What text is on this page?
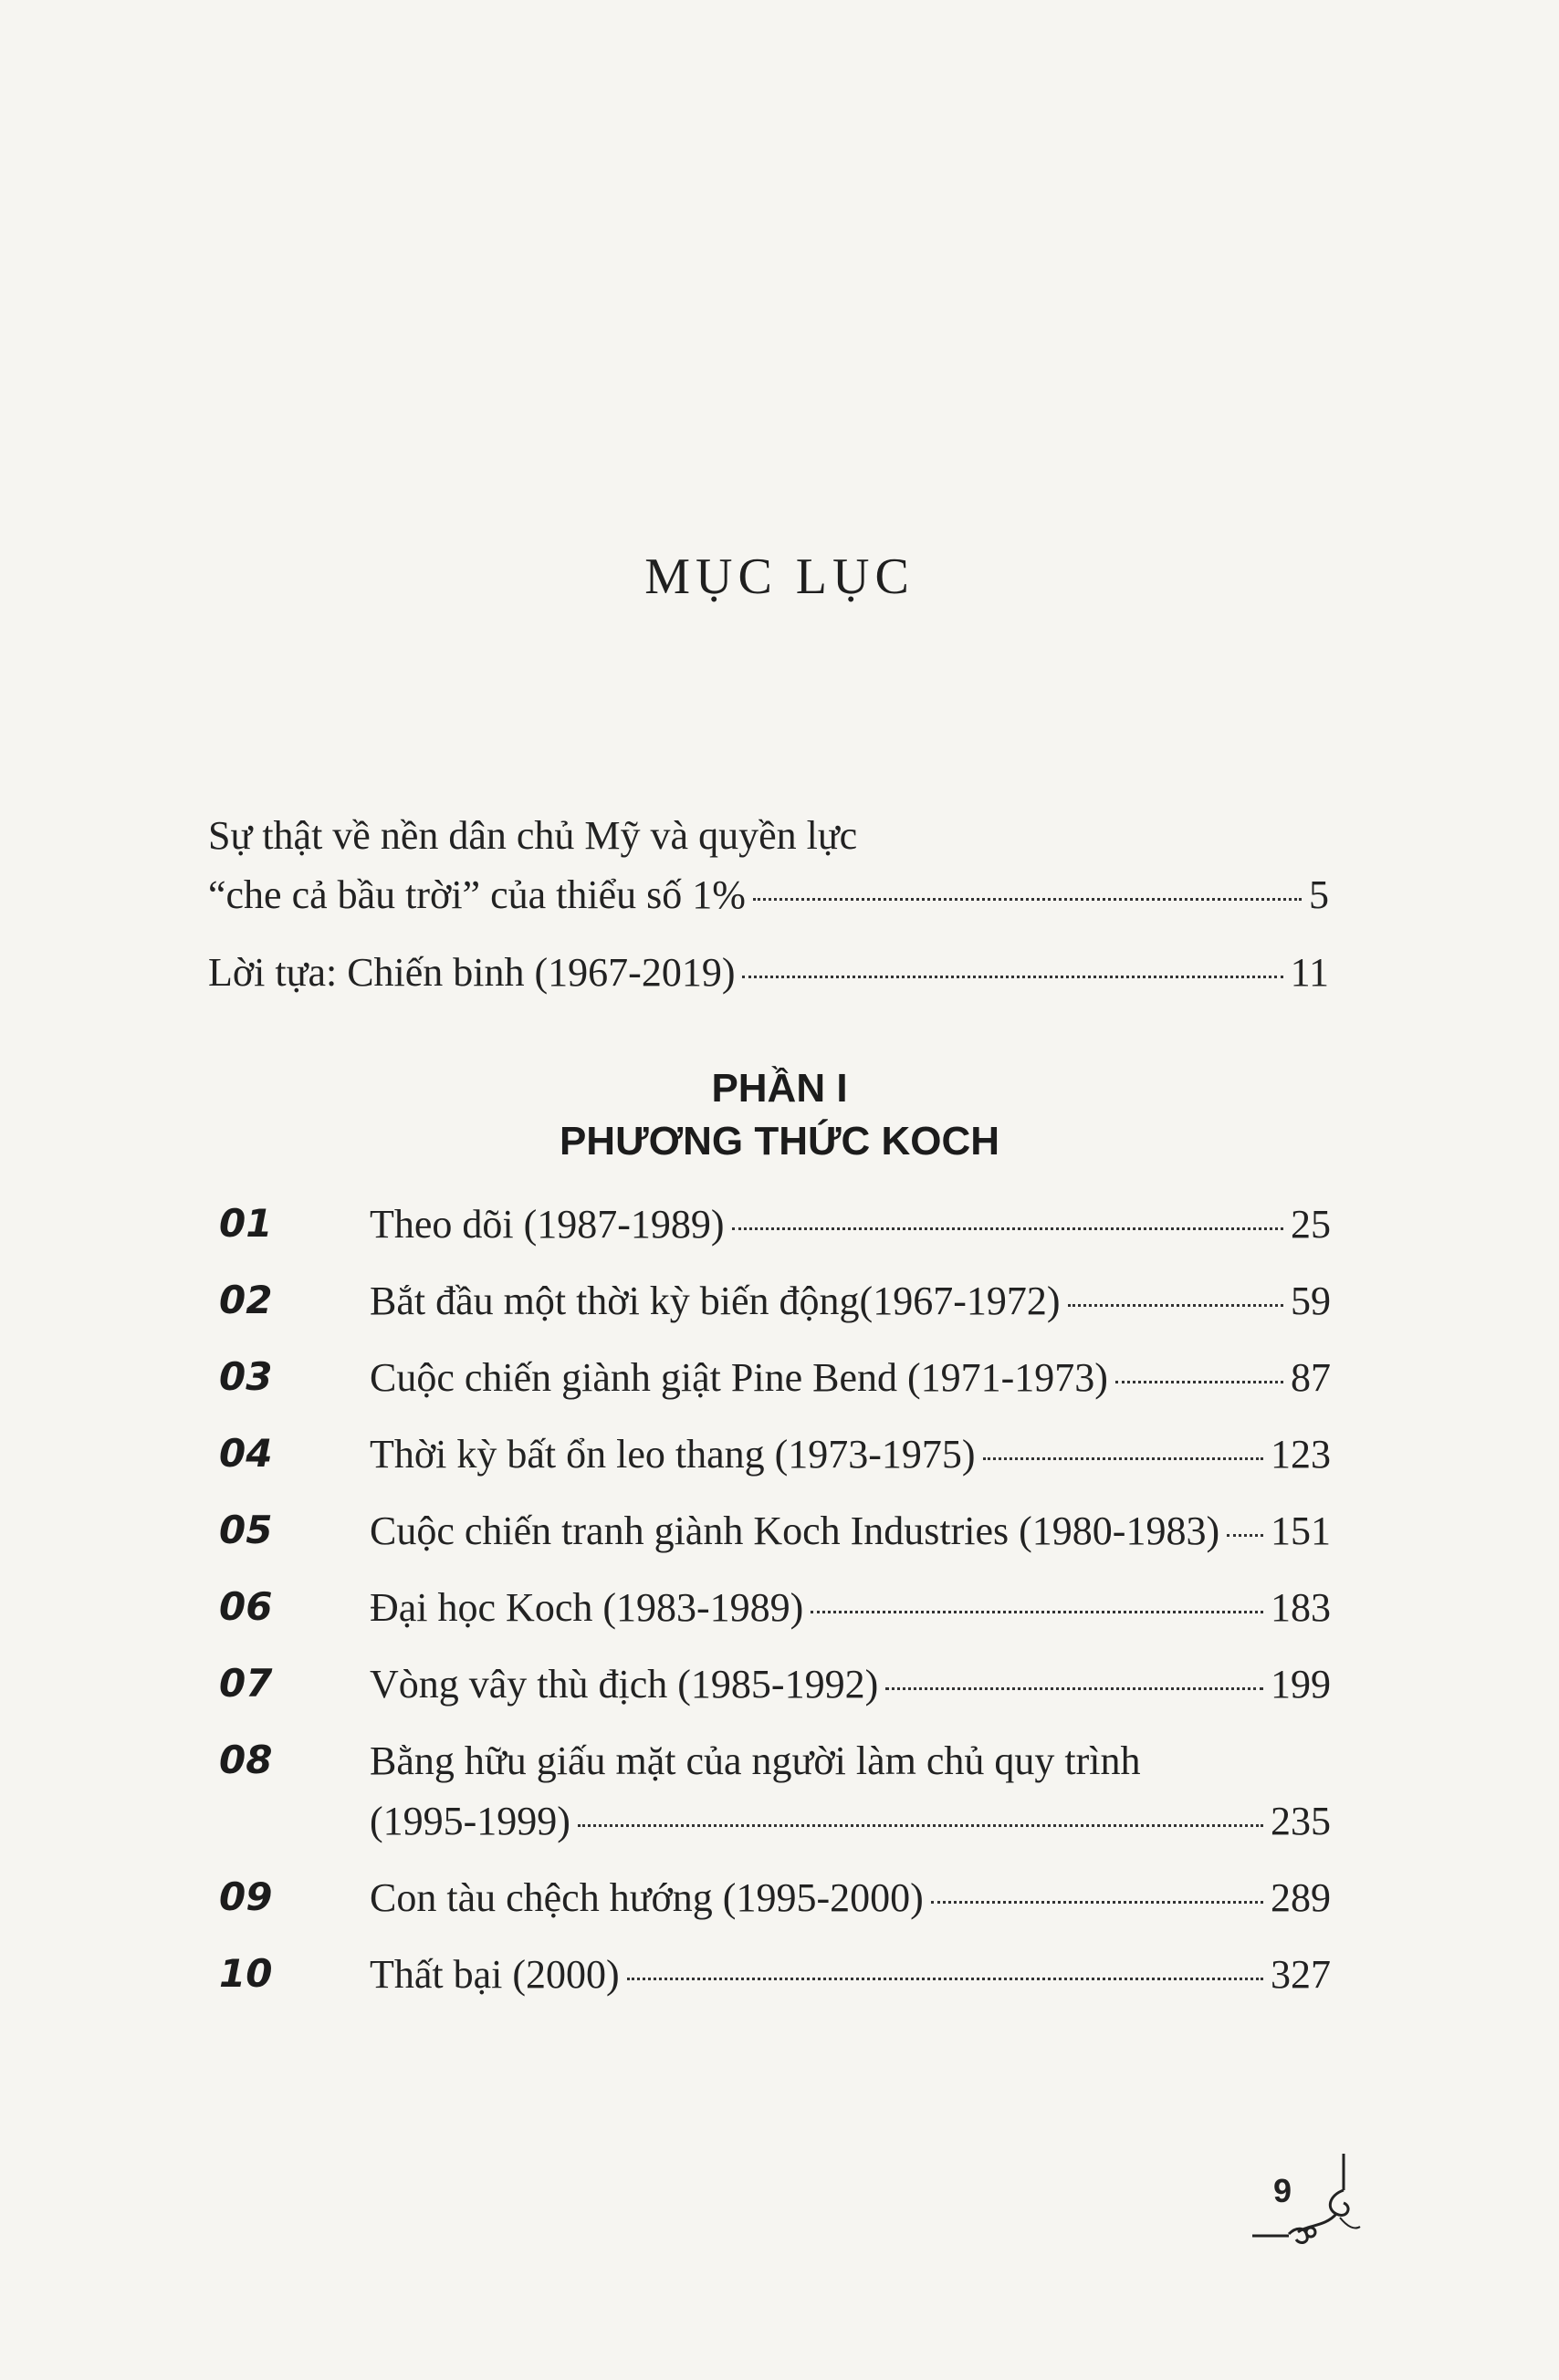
MỤC LỤC
Sự thật về nền dân chủ Mỹ và quyền lực
“che cả bầu trời” của thiểu số 1%	5
Lời tựa: Chiến binh (1967-2019)	11
PHẦN I
PHƯƠNG THỨC KOCH
01 Theo dõi (1987-1989)	25
02 Bắt đầu một thời kỳ biến động(1967-1972)	59
03 Cuộc chiến giành giật Pine Bend (1971-1973)	87
04 Thời kỳ bất ổn leo thang (1973-1975)	123
05 Cuộc chiến tranh giành Koch Industries (1980-1983) 151
06 Đại học Koch (1983-1989)	183
07 Vòng vây thù địch (1985-1992)	199
08 Bằng hữu giấu mặt của người làm chủ quy trình
(1995-1999)	235
09 Con tàu chệch hướng (1995-2000)	289
10 Thất bại (2000)	327
9
